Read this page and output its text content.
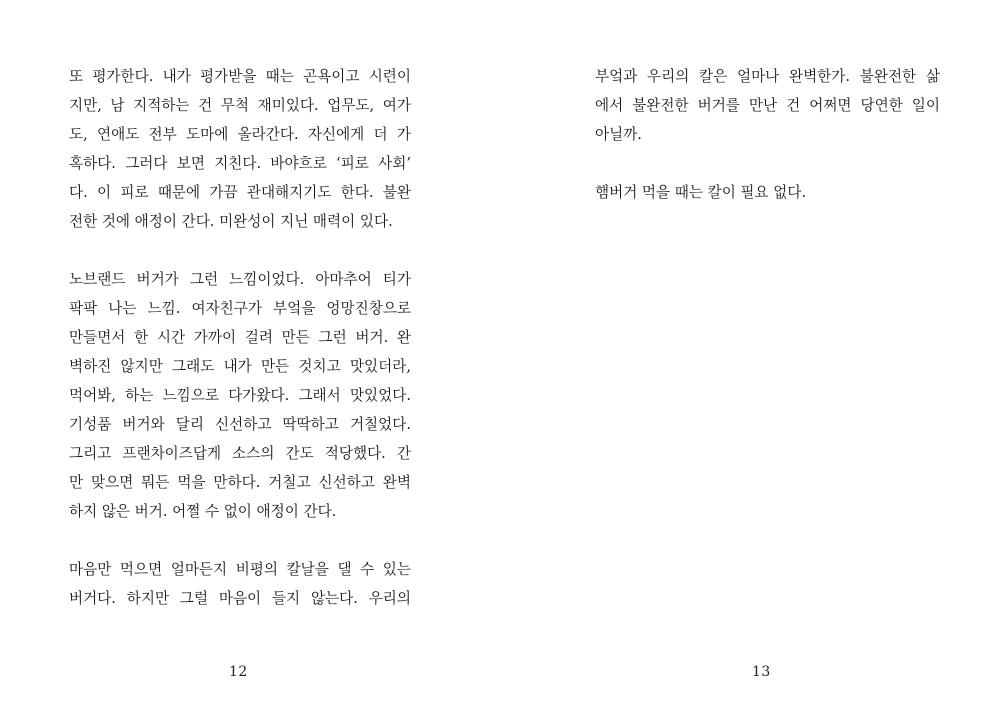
또 평가한다. 내가 평가받을 때는 곤욕이고 시련이
지만, 남 지적하는 건 무척 재미있다. 업무도, 여가
도, 연애도 전부 도마에 올라간다. 자신에게 더 가
혹하다. 그러다 보면 지친다. 바야흐로 ‘피로 사회’
다. 이 피로 때문에 가끔 관대해지기도 한다. 불완
전한 것에 애정이 간다. 미완성이 지닌 매력이 있다.

노브랜드 버거가 그런 느낌이었다. 아마추어 티가
팍팍 나는 느낌. 여자친구가 부엌을 엉망진창으로
만들면서 한 시간 가까이 걸려 만든 그런 버거. 완
벽하진 않지만 그래도 내가 만든 것치고 맛있더라,
먹어봐, 하는 느낌으로 다가왔다. 그래서 맛있었다.
기성품 버거와 달리 신선하고 딱딱하고 거칠었다.
그리고 프랜차이즈답게 소스의 간도 적당했다. 간
만 맞으면 뭐든 먹을 만하다. 거칠고 신선하고 완벽
하지 않은 버거. 어쩔 수 없이 애정이 간다.

마음만 먹으면 얼마든지 비평의 칼날을 댈 수 있는
버거다. 하지만 그럴 마음이 들지 않는다. 우리의

12

부엌과 우리의 칼은 얼마나 완벽한가. 불완전한 삶
에서 불완전한 버거를 만난 건 어쩌면 당연한 일이
아닐까.

햄버거 먹을 때는 칼이 필요 없다.

13
